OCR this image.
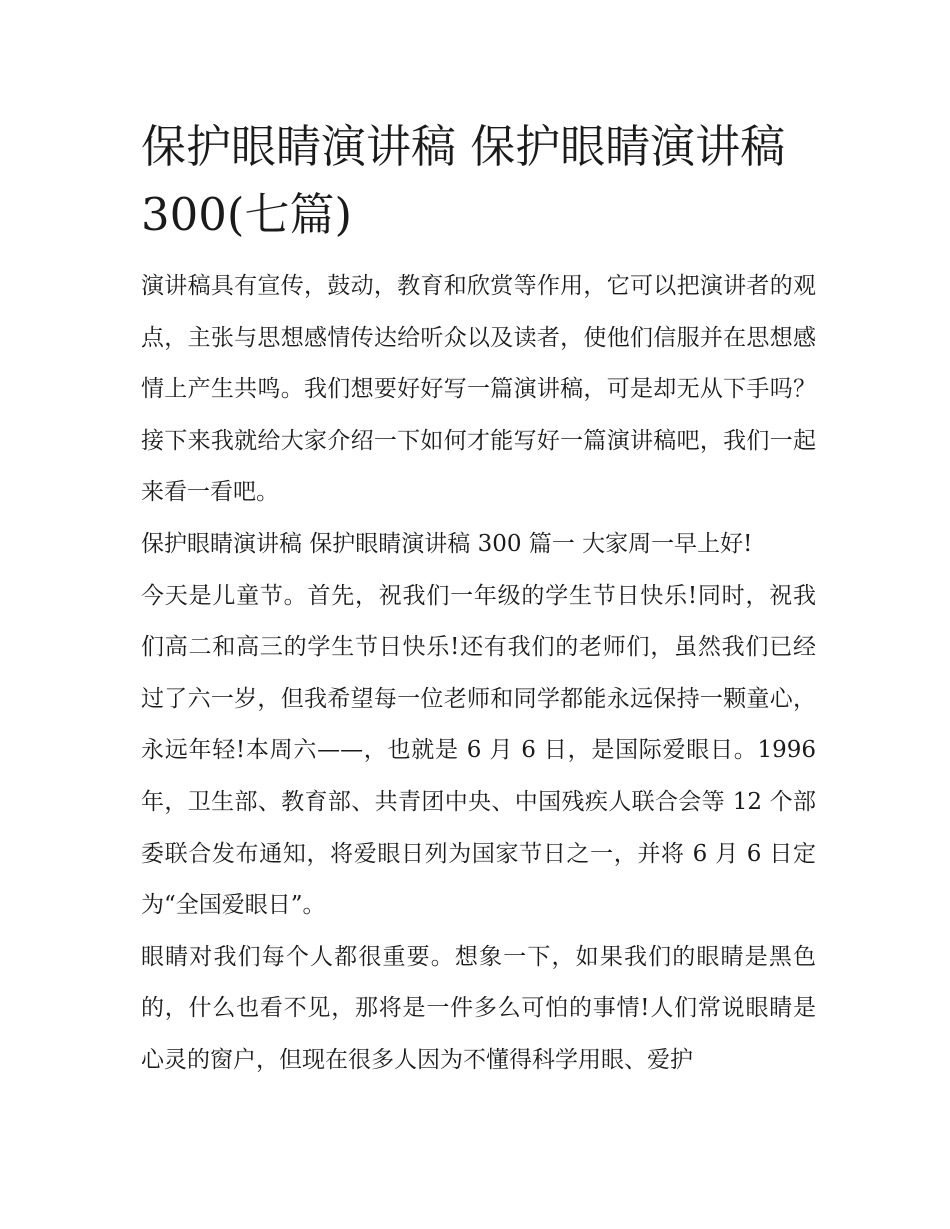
保护眼睛演讲稿 保护眼睛演讲稿 300(七篇)

演讲稿具有宣传，鼓动，教育和欣赏等作用，它可以把演讲者的观点，主张与思想感情传达给听众以及读者，使他们信服并在思想感情上产生共鸣。我们想要好好写一篇演讲稿，可是却无从下手吗？接下来我就给大家介绍一下如何才能写好一篇演讲稿吧，我们一起来看一看吧。

保护眼睛演讲稿 保护眼睛演讲稿 300 篇一 大家周一早上好!

今天是儿童节。首先，祝我们一年级的学生节日快乐!同时，祝我们高二和高三的学生节日快乐!还有我们的老师们，虽然我们已经过了六一岁，但我希望每一位老师和同学都能永远保持一颗童心，永远年轻!本周六——，也就是 6 月 6 日，是国际爱眼日。1996 年，卫生部、教育部、共青团中央、中国残疾人联合会等 12 个部委联合发布通知，将爱眼日列为国家节日之一，并将 6 月 6 日定为“全国爱眼日”。

眼睛对我们每个人都很重要。想象一下，如果我们的眼睛是黑色的，什么也看不见，那将是一件多么可怕的事情!人们常说眼睛是心灵的窗户，但现在很多人因为不懂得科学用眼、爱护
